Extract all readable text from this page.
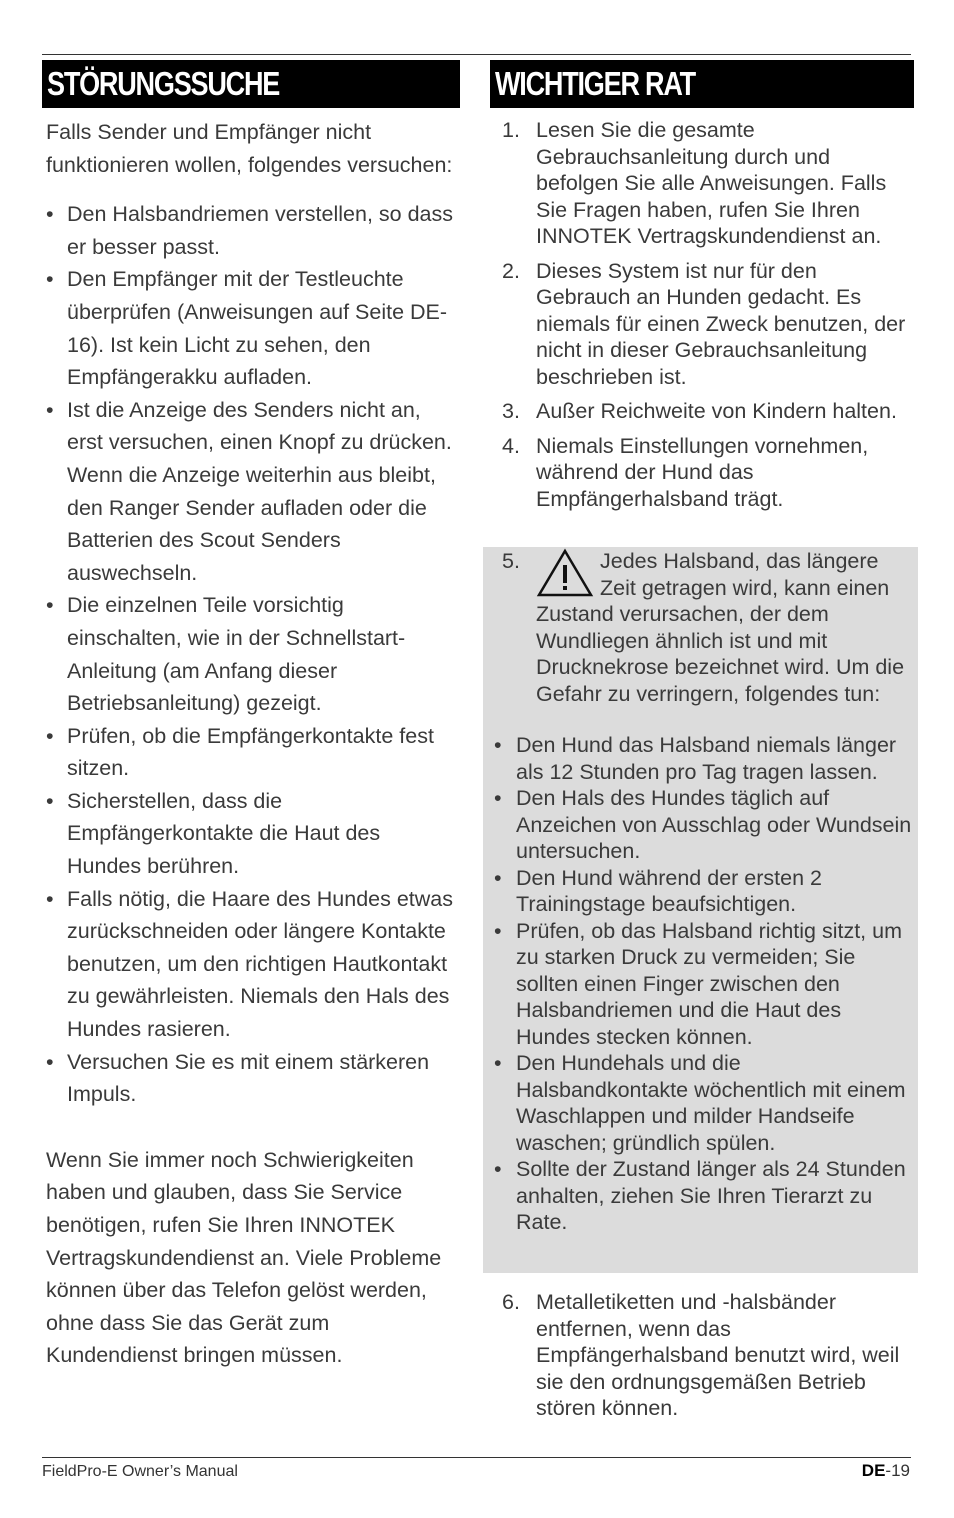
STÖRUNGSSUCHE

Falls Sender und Empfänger nicht funktionieren wollen, folgendes versuchen:

• Den Halsbandriemen verstellen, so dass er besser passt.
• Den Empfänger mit der Testleuchte überprüfen (Anweisungen auf Seite DE-16). Ist kein Licht zu sehen, den Empfängerakku aufladen.
• Ist die Anzeige des Senders nicht an, erst versuchen, einen Knopf zu drücken. Wenn die Anzeige weiterhin aus bleibt, den Ranger Sender aufladen oder die Batterien des Scout Senders auswechseln.
• Die einzelnen Teile vorsichtig einschalten, wie in der Schnellstart-Anleitung (am Anfang dieser Betriebsanleitung) gezeigt.
• Prüfen, ob die Empfängerkontakte fest sitzen.
• Sicherstellen, dass die Empfängerkontakte die Haut des Hundes berühren.
• Falls nötig, die Haare des Hundes etwas zurückschneiden oder längere Kontakte benutzen, um den richtigen Hautkontakt zu gewährleisten. Niemals den Hals des Hundes rasieren.
• Versuchen Sie es mit einem stärkeren Impuls.

Wenn Sie immer noch Schwierigkeiten haben und glauben, dass Sie Service benötigen, rufen Sie Ihren INNOTEK Vertragskundendienst an. Viele Probleme können über das Telefon gelöst werden, ohne dass Sie das Gerät zum Kundendienst bringen müssen.

WICHTIGER RAT
1. Lesen Sie die gesamte Gebrauchsanleitung durch und befolgen Sie alle Anweisungen. Falls Sie Fragen haben, rufen Sie Ihren INNOTEK Vertragskundendienst an.
2. Dieses System ist nur für den Gebrauch an Hunden gedacht. Es niemals für einen Zweck benutzen, der nicht in dieser Gebrauchsanleitung beschrieben ist.
3. Außer Reichweite von Kindern halten.
4. Niemals Einstellungen vornehmen, während der Hund das Empfängerhalsband trägt.
5.	Jedes Halsband, das längere Zeit getragen wird, kann einen Zustand verursachen, der dem Wundliegen ähnlich ist und mit Drucknekrose bezeichnet wird. Um die Gefahr zu verringern, folgendes tun:
• Den Hund das Halsband niemals länger als 12 Stunden pro Tag tragen lassen.
• Den Hals des Hundes täglich auf Anzeichen von Ausschlag oder Wundsein untersuchen.
• Den Hund während der ersten 2 Trainingstage beaufsichtigen.
• Prüfen, ob das Halsband richtig sitzt, um zu starken Druck zu vermeiden; Sie sollten einen Finger zwischen den Halsbandriemen und die Haut des Hundes stecken können.
• Den Hundehals und die Halsbandkontakte wöchentlich mit einem Waschlappen und milder Handseife waschen; gründlich spülen.
• Sollte der Zustand länger als 24 Stunden anhalten, ziehen Sie Ihren Tierarzt zu Rate.
6. Metalletiketten und -halsbänder entfernen, wenn das Empfängerhalsband benutzt wird, weil sie den ordnungsgemäßen Betrieb stören können.
FieldPro-E Owner’s Manual	DE-19
